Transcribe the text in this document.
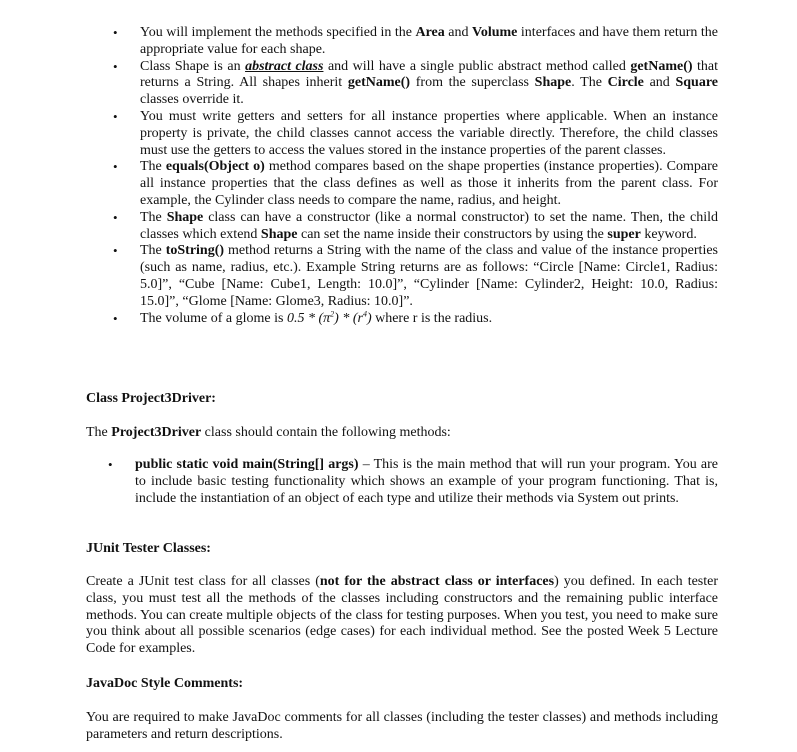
• You will implement the methods specified in the Area and Volume interfaces and have them return the appropriate value for each shape.
• Class Shape is an abstract class and will have a single public abstract method called getName() that returns a String. All shapes inherit getName() from the superclass Shape. The Circle and Square classes override it.
• You must write getters and setters for all instance properties where applicable. When an instance property is private, the child classes cannot access the variable directly. Therefore, the child classes must use the getters to access the values stored in the instance properties of the parent classes.
• The equals(Object o) method compares based on the shape properties (instance properties). Compare all instance properties that the class defines as well as those it inherits from the parent class. For example, the Cylinder class needs to compare the name, radius, and height.
• The Shape class can have a constructor (like a normal constructor) to set the name. Then, the child classes which extend Shape can set the name inside their constructors by using the super keyword.
• The toString() method returns a String with the name of the class and value of the instance properties (such as name, radius, etc.). Example String returns are as follows: “Circle [Name: Circle1, Radius: 5.0]”, “Cube [Name: Cube1, Length: 10.0]”, “Cylinder [Name: Cylinder2, Height: 10.0, Radius: 15.0]”, “Glome [Name: Glome3, Radius: 10.0]”.
• The volume of a glome is $0.5 * (\pi^2) * (r^4)$ where r is the radius.
Class Project3Driver:

The Project3Driver class should contain the following methods:

• public static void main(String[] args) – This is the main method that will run your program. You are to include basic testing functionality which shows an example of your program functioning. That is, include the instantiation of an object of each type and utilize their methods via System out prints.
JUnit Tester Classes:

Create a JUnit test class for all classes (not for the abstract class or interfaces) you defined. In each tester class, you must test all the methods of the classes including constructors and the remaining public interface methods. You can create multiple objects of the class for testing purposes. When you test, you need to make sure you think about all possible scenarios (edge cases) for each individual method. See the posted Week 5 Lecture Code for examples.

JavaDoc Style Comments:

You are required to make JavaDoc comments for all classes (including the tester classes) and methods including parameters and return descriptions.
